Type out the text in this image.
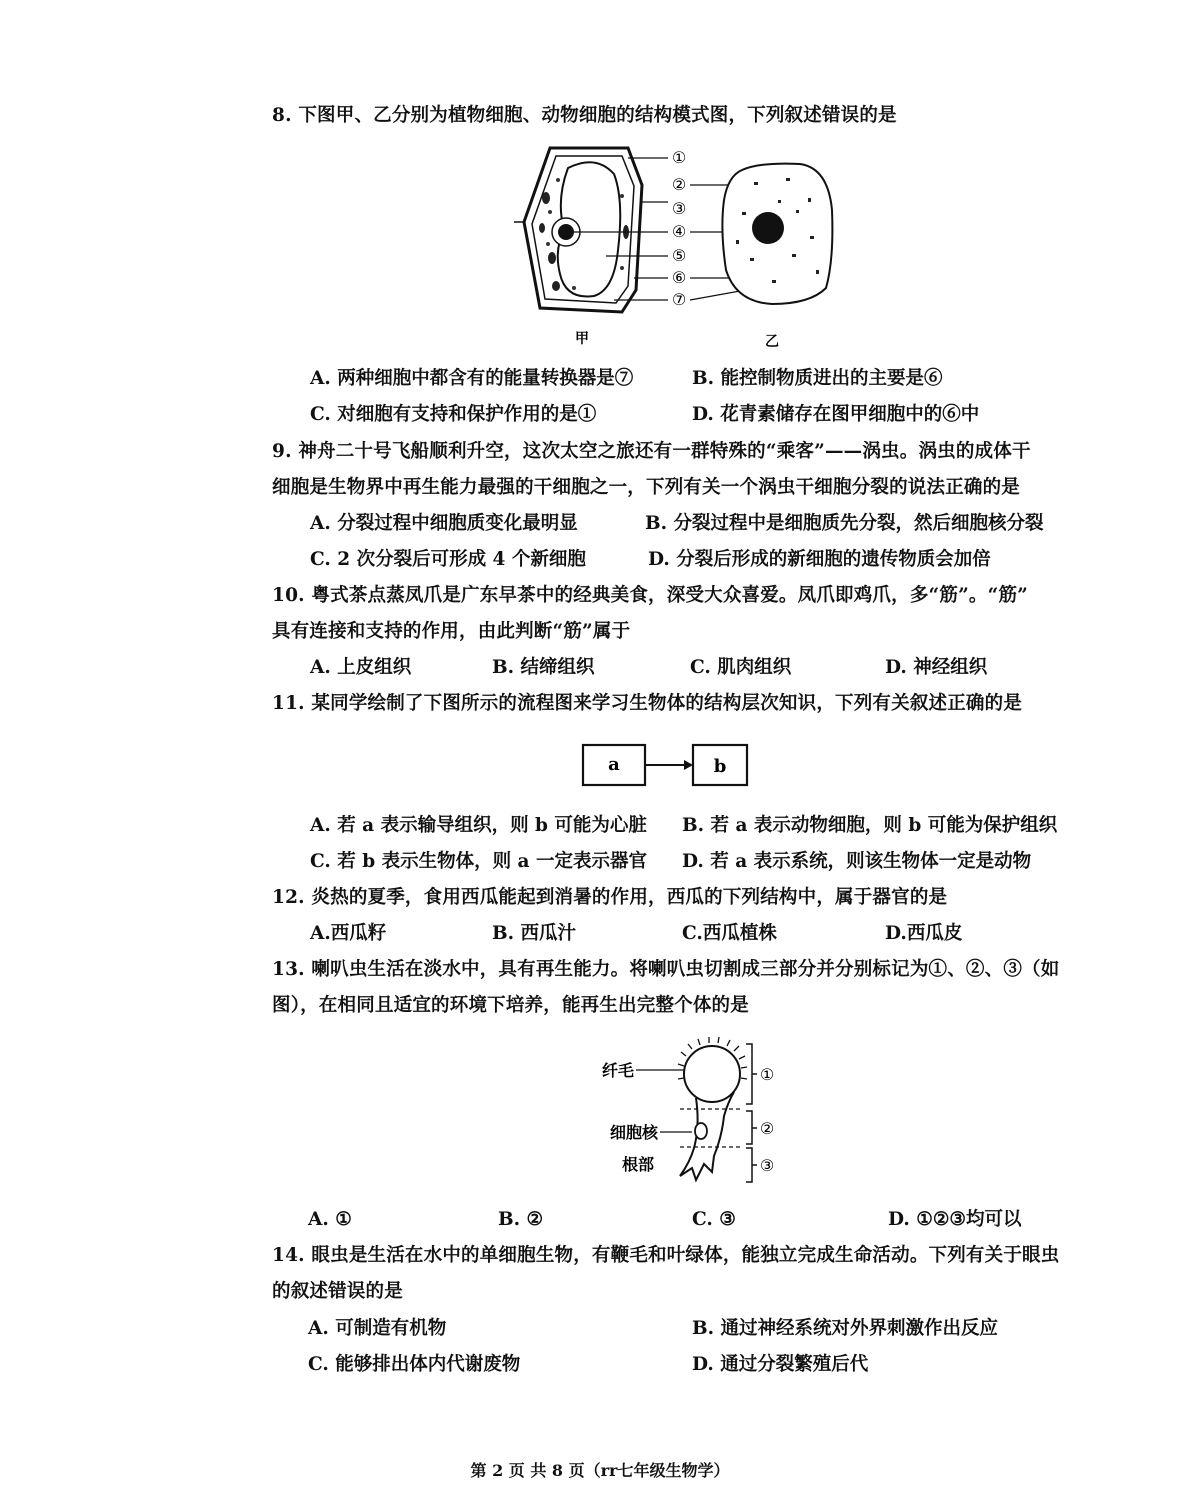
8. 下图甲、乙分别为植物细胞、动物细胞的结构模式图，下列叙述错误的是
①
②
③
④
⑤
⑥
⑦
甲	乙
A. 两种细胞中都含有的能量转换器是⑦	B. 能控制物质进出的主要是⑥
C. 对细胞有支持和保护作用的是①	D. 花青素储存在图甲细胞中的⑥中
9. 神舟二十号飞船顺利升空，这次太空之旅还有一群特殊的“乘客”——涡虫。涡虫的成体干
细胞是生物界中再生能力最强的干细胞之一，下列有关一个涡虫干细胞分裂的说法正确的是
A. 分裂过程中细胞质变化最明显	B. 分裂过程中是细胞质先分裂，然后细胞核分裂
C. 2 次分裂后可形成 4 个新细胞	D. 分裂后形成的新细胞的遗传物质会加倍
10. 粤式茶点蒸凤爪是广东早茶中的经典美食，深受大众喜爱。凤爪即鸡爪，多“筋”。“筋”
具有连接和支持的作用，由此判断“筋”属于
A. 上皮组织	B. 结缔组织	C. 肌肉组织	D. 神经组织
11. 某同学绘制了下图所示的流程图来学习生物体的结构层次知识，下列有关叙述正确的是
a	b
A. 若 a 表示输导组织，则 b 可能为心脏 B. 若 a 表示动物细胞，则 b 可能为保护组织
C. 若 b 表示生物体，则 a 一定表示器官 D. 若 a 表示系统，则该生物体一定是动物
12. 炎热的夏季，食用西瓜能起到消暑的作用，西瓜的下列结构中，属于器官的是
A.西瓜籽	B. 西瓜汁	C.西瓜植株	D.西瓜皮
13. 喇叭虫生活在淡水中，具有再生能力。将喇叭虫切割成三部分并分别标记为①、②、③（如
图），在相同且适宜的环境下培养，能再生出完整个体的是
纤毛
细胞核
根部
①
②
③
A. ①	B. ②	C. ③	D. ①②③均可以
14. 眼虫是生活在水中的单细胞生物，有鞭毛和叶绿体，能独立完成生命活动。下列有关于眼虫
的叙述错误的是
A. 可制造有机物	B. 通过神经系统对外界刺激作出反应
C. 能够排出体内代谢废物	D. 通过分裂繁殖后代
第 2 页 共 8 页（rr七年级生物学）
